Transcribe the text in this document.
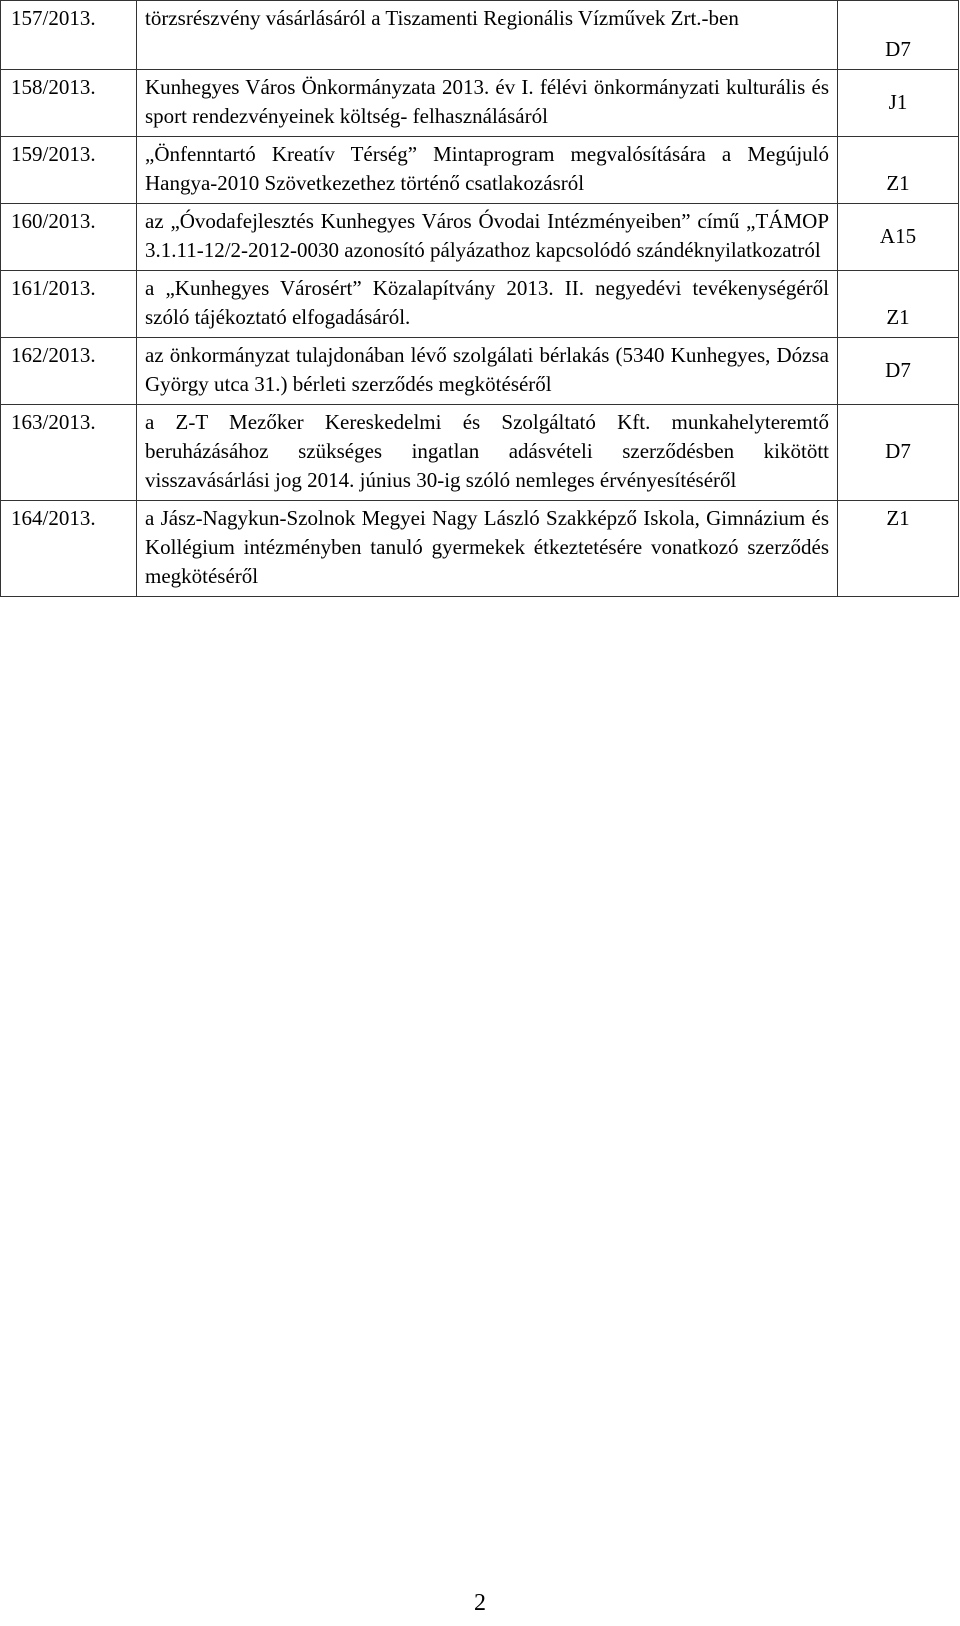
157/2013.	törzsrészvény vásárlásáról a Tiszamenti Regionális Vízművek Zrt.-ben	D7
158/2013.	Kunhegyes Város Önkormányzata 2013. év I. félévi önkormányzati kulturális és sport rendezvényeinek költség- felhasználásáról	J1
159/2013.	„Önfenntartó Kreatív Térség” Mintaprogram megvalósítására a Megújuló Hangya-2010 Szövetkezethez történő csatlakozásról	Z1
160/2013.	az „Óvodafejlesztés Kunhegyes Város Óvodai Intézményeiben” című „TÁMOP 3.1.11-12/2-2012-0030 azonosító pályázathoz kapcsolódó szándéknyilatkozatról	A15
161/2013.	a „Kunhegyes Városért” Közalapítvány 2013. II. negyedévi tevékenységéről szóló tájékoztató elfogadásáról.	Z1
162/2013.	az önkormányzat tulajdonában lévő szolgálati bérlakás (5340 Kunhegyes, Dózsa György utca 31.) bérleti szerződés megkötéséről	D7
163/2013.	a Z-T Mezőker Kereskedelmi és Szolgáltató Kft. munkahelyteremtő beruházásához szükséges ingatlan adásvételi szerződésben kikötött visszavásárlási jog 2014. június 30-ig szóló nemleges érvényesítéséről	D7
164/2013.	a Jász-Nagykun-Szolnok Megyei Nagy László Szakképző Iskola, Gimnázium és Kollégium intézményben tanuló gyermekek étkeztetésére vonatkozó szerződés megkötéséről	Z1
2
